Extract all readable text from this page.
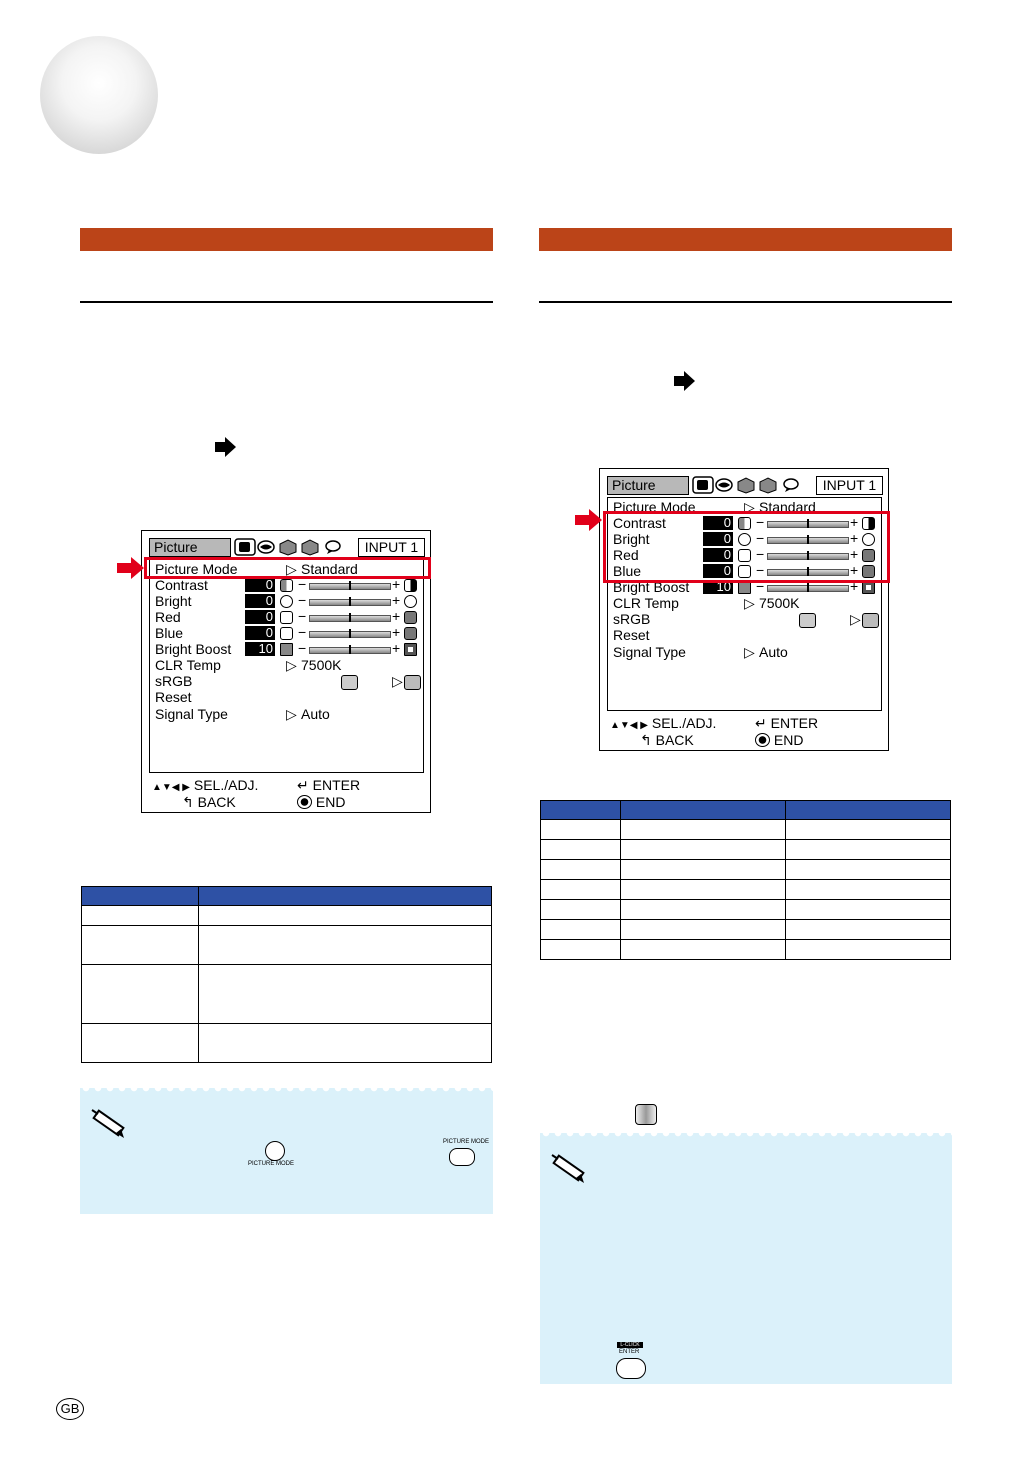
Picture	INPUT 1
Picture Mode	▷ Standard
Contrast	0 −	+
Bright	0 −	+
Red	0 −	+
Blue	0 −	+
Bright Boost	10 −	+
CLR Temp	▷ 7500K
sRGB	▷
Reset
Signal Type	▷ Auto
▲▼◀ ▶ SEL./ADJ.	↵ ENTER
↰ BACK	END
Picture	INPUT 1
Picture Mode	▷ Standard
Contrast	0 −	+
Bright	0 −	+
Red	0 −	+
Blue	0 −	+
Bright Boost	10 −	+
CLR Temp	▷ 7500K
sRGB	▷
Reset
Signal Type	▷ Auto
▲▼◀ ▶ SEL./ADJ.	↵ ENTER
↰ BACK	END

PICTURE MODE
PICTURE MODE
L-CLICK
ENTER
GB
